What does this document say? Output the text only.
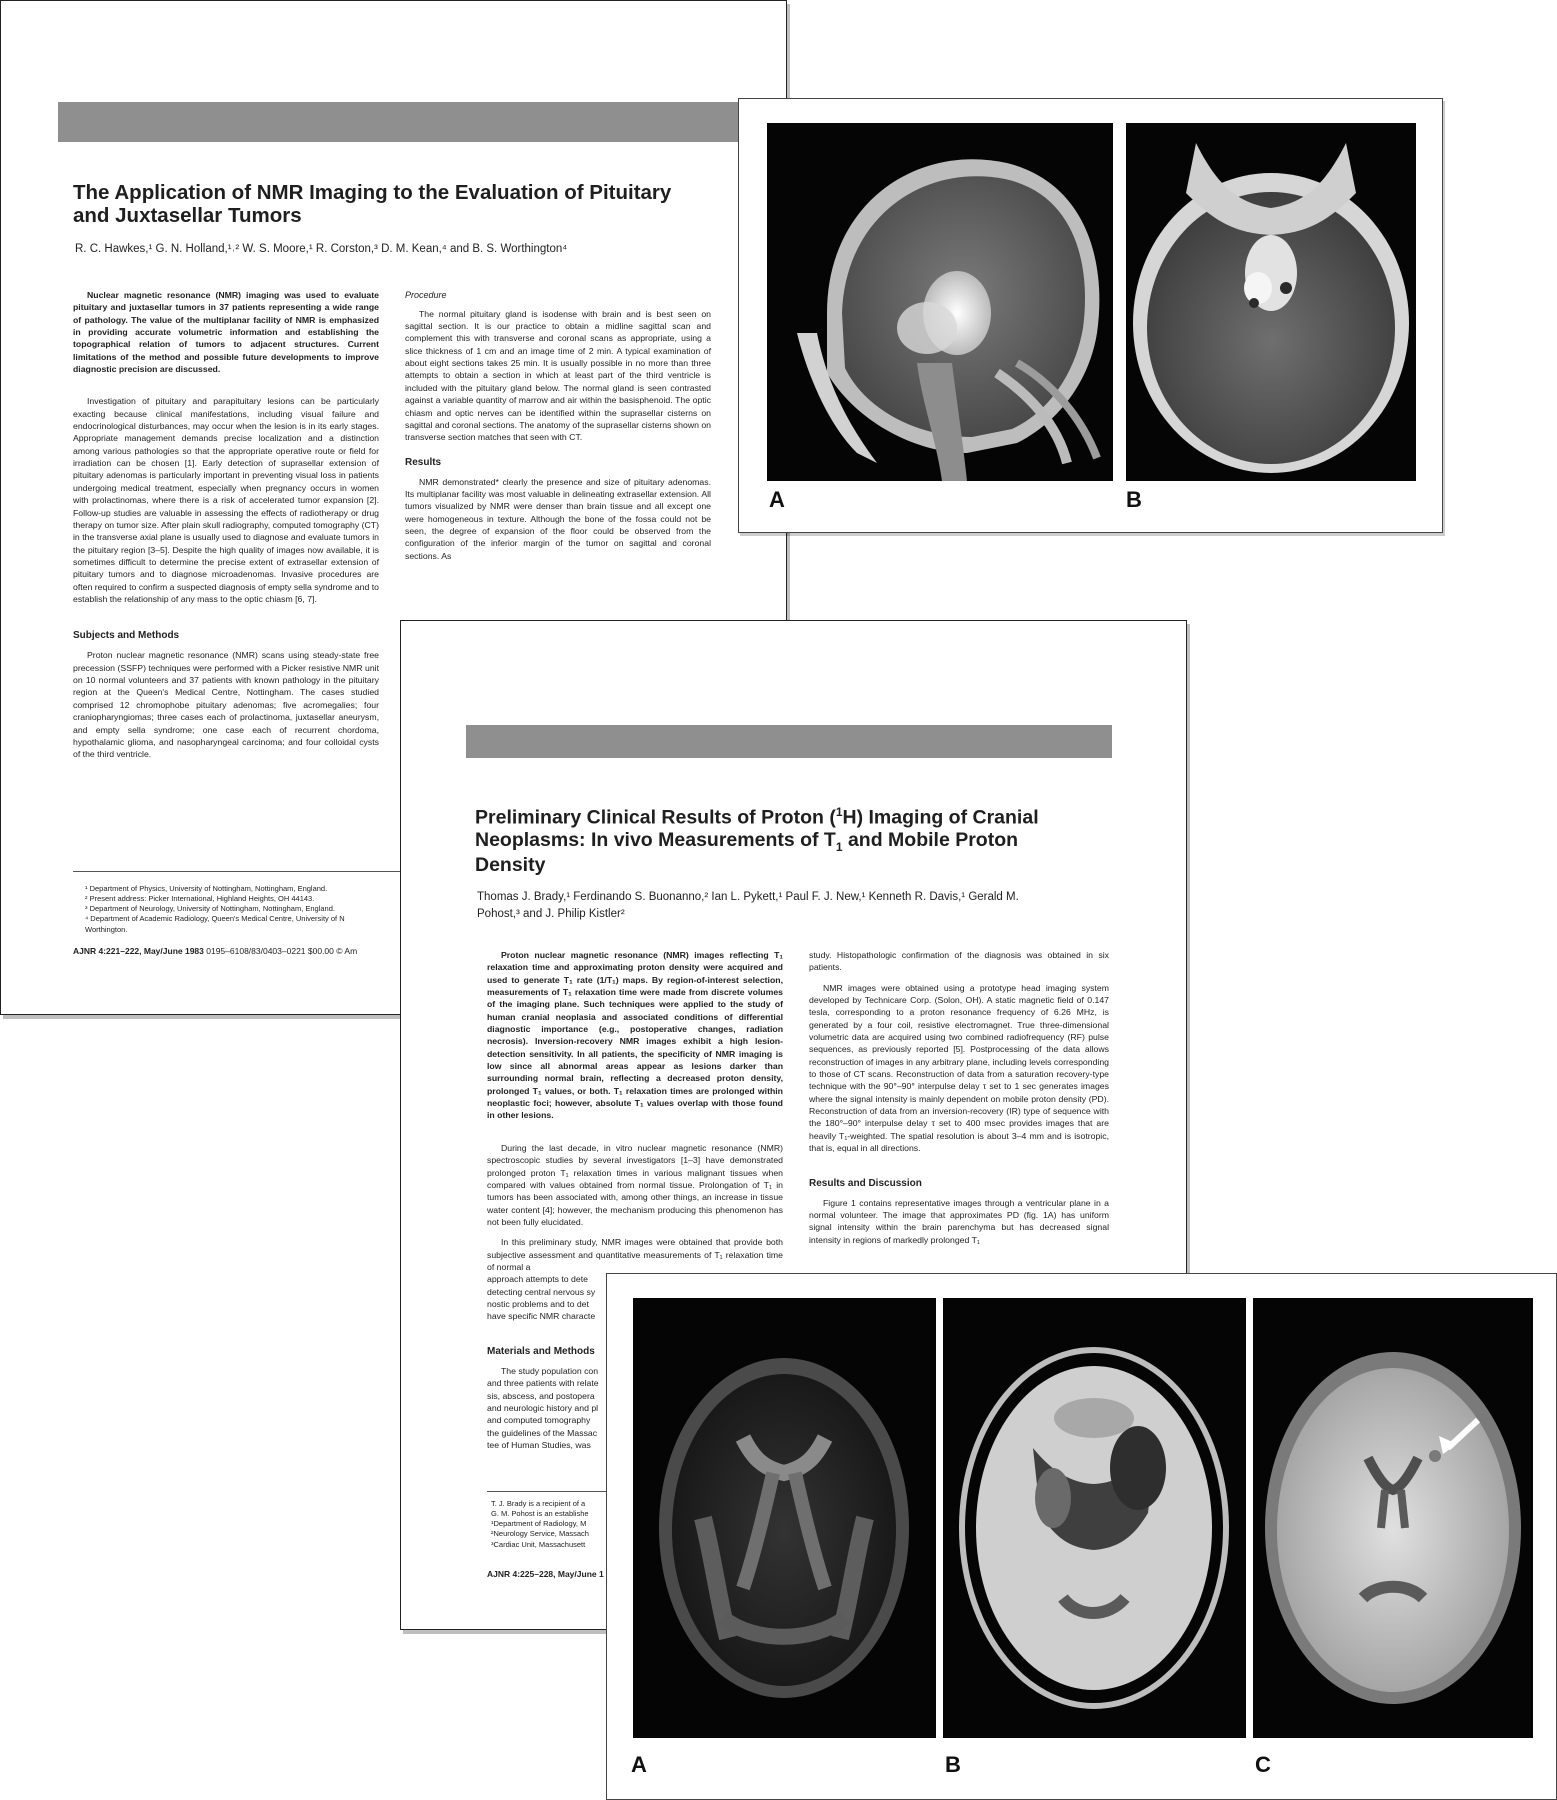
The Application of NMR Imaging to the Evaluation of Pituitary and Juxtasellar Tumors

R. C. Hawkes,¹ G. N. Holland,¹˒² W. S. Moore,¹ R. Corston,³ D. M. Kean,⁴ and B. S. Worthington⁴

Nuclear magnetic resonance (NMR) imaging was used to evaluate pituitary and juxtasellar tumors in 37 patients representing a wide range of pathology. The value of the multiplanar facility of NMR is emphasized in providing accurate volumetric information and establishing the topographical relation of tumors to adjacent structures. Current limitations of the method and possible future developments to improve diagnostic precision are discussed.

Investigation of pituitary and parapituitary lesions can be particularly exacting because clinical manifestations, including visual failure and endocrinological disturbances, may occur when the lesion is in its early stages. Appropriate management demands precise localization and a distinction among various pathologies so that the appropriate operative route or field for irradiation can be chosen [1]. Early detection of suprasellar extension of pituitary adenomas is particularly important in preventing visual loss in patients undergoing medical treatment, especially when pregnancy occurs in women with prolactinomas, where there is a risk of accelerated tumor expansion [2]. Follow-up studies are valuable in assessing the effects of radiotherapy or drug therapy on tumor size. After plain skull radiography, computed tomography (CT) in the transverse axial plane is usually used to diagnose and evaluate tumors in the pituitary region [3–5]. Despite the high quality of images now available, it is sometimes difficult to determine the precise extent of extrasellar extension of pituitary tumors and to diagnose microadenomas. Invasive procedures are often required to confirm a suspected diagnosis of empty sella syndrome and to establish the relationship of any mass to the optic chiasm [6, 7].

Subjects and Methods

Proton nuclear magnetic resonance (NMR) scans using steady-state free precession (SSFP) techniques were performed with a Picker resistive NMR unit on 10 normal volunteers and 37 patients with known pathology in the pituitary region at the Queen's Medical Centre, Nottingham. The cases studied comprised 12 chromophobe pituitary adenomas; five acromegalies; four craniopharyngiomas; three cases each of prolactinoma, juxtasellar aneurysm, and empty sella syndrome; one case each of recurrent chordoma, hypothalamic glioma, and nasopharyngeal carcinoma; and four colloidal cysts of the third ventricle.

Procedure

The normal pituitary gland is isodense with brain and is best seen on sagittal section. It is our practice to obtain a midline sagittal scan and complement this with transverse and coronal scans as appropriate, using a slice thickness of 1 cm and an image time of 2 min. A typical examination of about eight sections takes 25 min. It is usually possible in no more than three attempts to obtain a section in which at least part of the third ventricle is included with the pituitary gland below. The normal gland is seen contrasted against a variable quantity of marrow and air within the basisphenoid. The optic chiasm and optic nerves can be identified within the suprasellar cisterns on sagittal and coronal sections. The anatomy of the suprasellar cisterns shown on transverse section matches that seen with CT.

Results

NMR demonstrated* clearly the presence and size of pituitary adenomas. Its multiplanar facility was most valuable in delineating extrasellar extension. All tumors visualized by NMR were denser than brain tissue and all except one were homogeneous in texture. Although the bone of the fossa could not be seen, the degree of expansion of the floor could be observed from the configuration of the inferior margin of the tumor on sagittal and coronal sections. As

¹ Department of Physics, University of Nottingham, Nottingham, England.
² Present address: Picker International, Highland Heights, OH 44143.
³ Department of Neurology, University of Nottingham, Nottingham, England.
⁴ Department of Academic Radiology, Queen's Medical Centre, University of N
Worthington.
AJNR 4:221–222, May/June 1983 0195–6108/83/0403–0221 $00.00 © Am
A	B
Preliminary Clinical Results of Proton ($^1$H) Imaging of Cranial Neoplasms: In vivo Measurements of $T_1$ and Mobile Proton Density

Thomas J. Brady,¹ Ferdinando S. Buonanno,² Ian L. Pykett,¹ Paul F. J. New,¹ Kenneth R. Davis,¹ Gerald M. Pohost,³ and J. Philip Kistler²

Proton nuclear magnetic resonance (NMR) images reflecting T₁ relaxation time and approximating proton density were acquired and used to generate T₁ rate (1/T₁) maps. By region-of-interest selection, measurements of T₁ relaxation time were made from discrete volumes of the imaging plane. Such techniques were applied to the study of human cranial neoplasia and associated conditions of differential diagnostic importance (e.g., postoperative changes, radiation necrosis). Inversion-recovery NMR images exhibit a high lesion-detection sensitivity. In all patients, the specificity of NMR imaging is low since all abnormal areas appear as lesions darker than surrounding normal brain, reflecting a decreased proton density, prolonged T₁ values, or both. T₁ relaxation times are prolonged within neoplastic foci; however, absolute T₁ values overlap with those found in other lesions.

During the last decade, in vitro nuclear magnetic resonance (NMR) spectroscopic studies by several investigators [1–3] have demonstrated prolonged proton T₁ relaxation times in various malignant tissues when compared with values obtained from normal tissue. Prolongation of T₁ in tumors has been associated with, among other things, an increase in tissue water content [4]; however, the mechanism producing this phenomenon has not been fully elucidated.

In this preliminary study, NMR images were obtained that provide both subjective assessment and quantitative measurements of T₁ relaxation time of normal a

approach attempts to dete
detecting central nervous sy
nostic problems and to det
have specific NMR characte
Materials and Methods
The study population con
and three patients with relate
sis, abscess, and postopera
and neurologic history and pl
and computed tomography
the guidelines of the Massac
tee of Human Studies, was
T. J. Brady is a recipient of a
G. M. Pohost is an establishe
¹Department of Radiology, M
²Neurology Service, Massach
³Cardiac Unit, Massachusett
AJNR 4:225–228, May/June 1

study. Histopathologic confirmation of the diagnosis was obtained in six patients.

NMR images were obtained using a prototype head imaging system developed by Technicare Corp. (Solon, OH). A static magnetic field of 0.147 tesla, corresponding to a proton resonance frequency of 6.26 MHz, is generated by a four coil, resistive electromagnet. True three-dimensional volumetric data are acquired using two combined radiofrequency (RF) pulse sequences, as previously reported [5]. Postprocessing of the data allows reconstruction of images in any arbitrary plane, including levels corresponding to those of CT scans. Reconstruction of data from a saturation recovery-type technique with the 90°–90° interpulse delay τ set to 1 sec generates images where the signal intensity is mainly dependent on mobile proton density (PD). Reconstruction of data from an inversion-recovery (IR) type of sequence with the 180°–90° interpulse delay τ set to 400 msec provides images that are heavily T₁-weighted. The spatial resolution is about 3–4 mm and is isotropic, that is, equal in all directions.

Results and Discussion

Figure 1 contains representative images through a ventricular plane in a normal volunteer. The image that approximates PD (fig. 1A) has uniform signal intensity within the brain parenchyma but has decreased signal intensity in regions of markedly prolonged T₁

A	B	C
